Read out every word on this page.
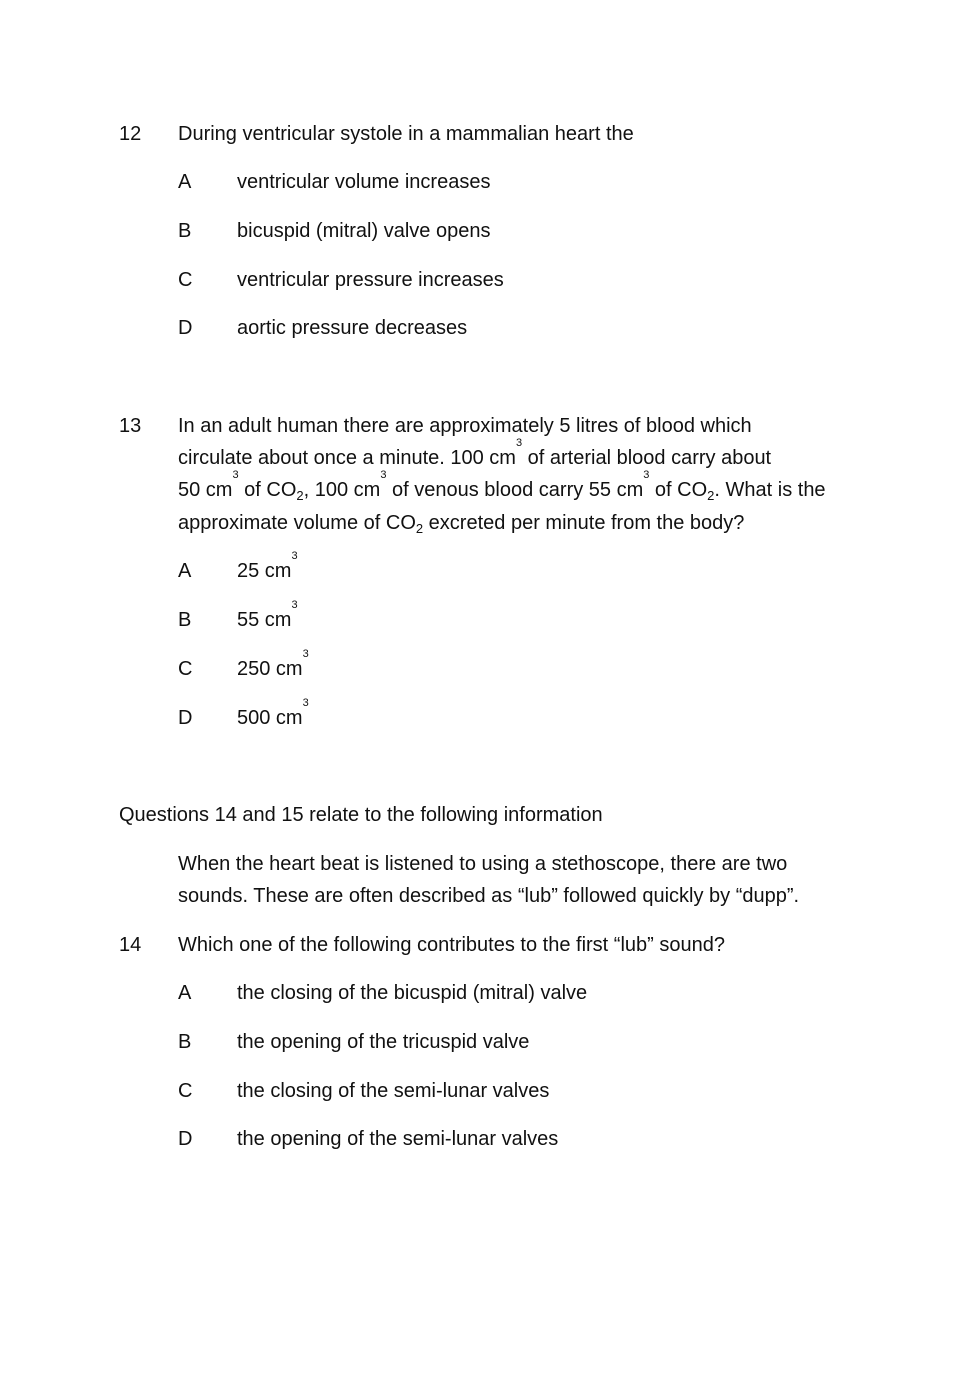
12 During ventricular systole in a mammalian heart the
A ventricular volume increases
B bicuspid (mitral) valve opens
C ventricular pressure increases
D aortic pressure decreases
13 In an adult human there are approximately 5 litres of blood which
circulate about once a minute. 100 $cm^3$ of arterial blood carry about
50 $cm^3$ of $CO_2$, 100 $cm^3$ of venous blood carry 55 $cm^3$ of $CO_2$. What is the
approximate volume of $CO_2$ excreted per minute from the body?
A 25 $cm^3$
B 55 $cm^3$
C 250 $cm^3$
D 500 $cm^3$
Questions 14 and 15 relate to the following information
When the heart beat is listened to using a stethoscope, there are two
sounds. These are often described as “lub” followed quickly by “dupp”.
14 Which one of the following contributes to the first “lub” sound?
A the closing of the bicuspid (mitral) valve
B the opening of the tricuspid valve
C the closing of the semi-lunar valves
D the opening of the semi-lunar valves
